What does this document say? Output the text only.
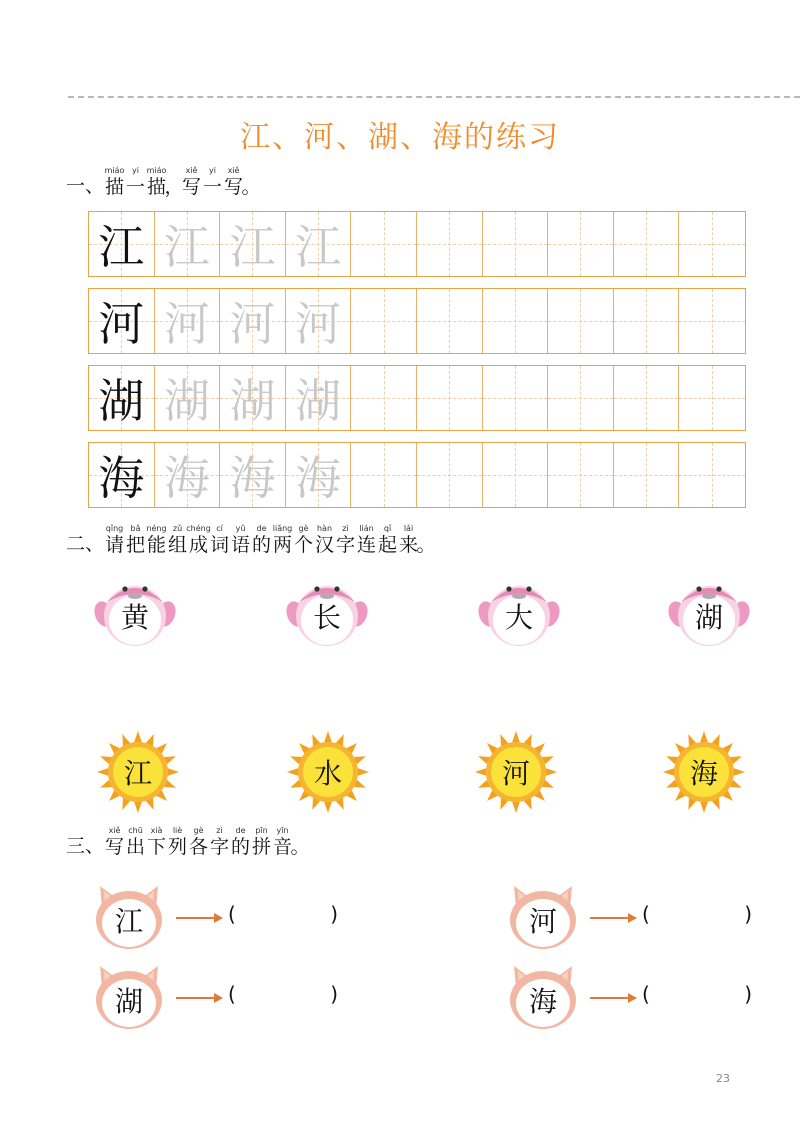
江、河、湖、海的练习
一、
miáo
描
yi
一
miáo
描

，
xiě
写
yi
一
xiě
写

。
江 江 江 江
河 河 河 河
湖 湖 湖 湖
海 海 海 海
二、
qǐng
请
bǎ
把
néng
能
zǔ
组
chéng
成
cí
词
yǔ
语
de
的
liǎng
两
gè
个
hàn
汉
zì
字
lián
连
qǐ
起
lái
来

。
黄	长	大	湖
江	水	河	海
三、
xiě
写
chū
出
xià
下
liè
列
gè
各
zì
字
de
的
pīn
拼
yīn
音

。
江	(	)	河	(	)
湖	(	)	海	(	)
23
